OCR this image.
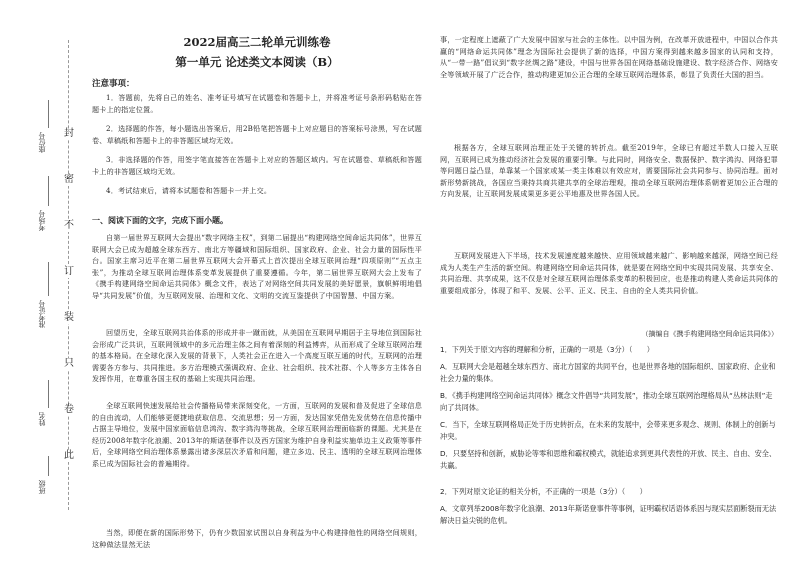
封
密
不
订
装
只
卷
此
座位号
考场号
准考证号
姓名
班级
2022届高三二轮单元训练卷
第一单元 论述类文本阅读（B）
注意事项：

1．答题前，先将自己的姓名、准考证号填写在试题卷和答题卡上，并将准考证号条形码粘贴在答题卡上的指定位置。

2．选择题的作答，每小题选出答案后，用2B铅笔把答题卡上对应题目的答案标号涂黑，写在试题卷、草稿纸和答题卡上的非答题区域均无效。

3．非选择题的作答，用签字笔直接答在答题卡上对应的答题区域内。写在试题卷、草稿纸和答题卡上的非答题区域均无效。

4．考试结束后，请将本试题卷和答题卡一并上交。

一、阅读下面的文字，完成下面小题。

自第一届世界互联网大会提出“数字网络主权”，到第二届提出“构建网络空间命运共同体”，世界互联网大会已成为超越全球东西方、南北方等疆域和国际组织、国家政府、企业、社会力量的国际性平台。国家主席习近平在第二届世界互联网大会开幕式上首次提出全球互联网治理“四项原则”“五点主张”，为推动全球互联网治理体系变革发展提供了重要遵循。今年，第二届世界互联网大会上发布了《携手构建网络空间命运共同体》概念文件，表达了对网络空间共同发展的美好愿景，旗帜鲜明地倡导“共同发展”价值，为互联网发展、治理和文化、文明的交流互鉴提供了中国智慧、中国方案。

回望历史，全球互联网共治体系的形成并非一蹴而就，从美国在互联网早期居于主导地位到国际社会形成广泛共识，互联网领域中的多元治理主体之间有着深刻的利益博弈，从而形成了全球互联网治理的基本格局。在全球化深入发展的背景下，人类社会正在进入一个高度互联互通的时代，互联网的治理需要各方参与、共同推进。多方治理模式强调政府、企业、社会组织、技术社群、个人等多方主体各自发挥作用，在尊重各国主权的基础上实现共同治理。

全球互联网快速发展给社会传播格局带来深刻变化，一方面，互联网的发展和普及促进了全球信息的自由流动，人们能够更便捷地获取信息、交流思想；另一方面，发达国家凭借先发优势在信息传播中占据主导地位，发展中国家面临信息鸿沟、数字鸿沟等挑战，全球互联网治理面临新的课题。尤其是在经历2008年数字化浪潮、2013年的斯诺登事件以及西方国家为维护自身利益实施单边主义政策等事件后，全球网络空间治理体系暴露出诸多深层次矛盾和问题，建立多边、民主、透明的全球互联网治理体系已成为国际社会的普遍期待。

当然，即便在新的国际形势下，仍有少数国家试图以自身利益为中心构建排他性的网络空间规则，这种做法显然无法

事，一定程度上遮蔽了广大发展中国家与社会的主体性。以中国为例，在改革开放进程中，中国以合作共赢的“网络命运共同体”理念为国际社会提供了新的选择，中国方案得到越来越多国家的认同和支持，从“一带一路”倡议到“数字丝绸之路”建设，中国与世界各国在网络基础设施建设、数字经济合作、网络安全等领域开展了广泛合作，推动构建更加公正合理的全球互联网治理体系，彰显了负责任大国的担当。

根据各方，全球互联网治理正处于关键的转折点。截至2019年，全球已有超过半数人口接入互联网，互联网已成为推动经济社会发展的重要引擎。与此同时，网络安全、数据保护、数字鸿沟、网络犯罪等问题日益凸显，单靠某一个国家或某一类主体难以有效应对，需要国际社会共同参与、协同治理。面对新形势新挑战，各国应当秉持共商共建共享的全球治理观，推动全球互联网治理体系朝着更加公正合理的方向发展，让互联网发展成果更多更公平地惠及世界各国人民。

互联网发展进入下半场，技术发展速度越来越快、应用领域越来越广、影响越来越深，网络空间已经成为人类生产生活的新空间。构建网络空间命运共同体，就是要在网络空间中实现共同发展、共享安全、共同治理、共享成果，这不仅是对全球互联网治理体系变革的积极回应，也是推动构建人类命运共同体的重要组成部分，体现了和平、发展、公平、正义、民主、自由的全人类共同价值。

（摘编自《携手构建网络空间命运共同体》）

1．下列关于原文内容的理解和分析，正确的一项是（3分）（　　）

A．互联网大会是超越全球东西方、南北方国家的共同平台，也是世界各地的国际组织、国家政府、企业和社会力量的集体。

B．《携手构建网络空间命运共同体》概念文件倡导“共同发展”，推动全球互联网治理格局从“丛林法则”走向了共同体。

C．当下，全球互联网格局正处于历史转折点，在未来的发展中，会带来更多观念、规则、体制上的创新与冲突。

D．只要坚持和创新，威胁论等零和思维和霸权模式，就能追求到更具代表性的开放、民主、自由、安全、共赢。

2．下列对原文论证的相关分析，不正确的一项是（3分）（　　）

A．文章列举2008年数字化浪潮、2013年斯诺登事件等事例，证明霸权话语体系因与现实层面断裂而无法解决日益尖锐的危机。
